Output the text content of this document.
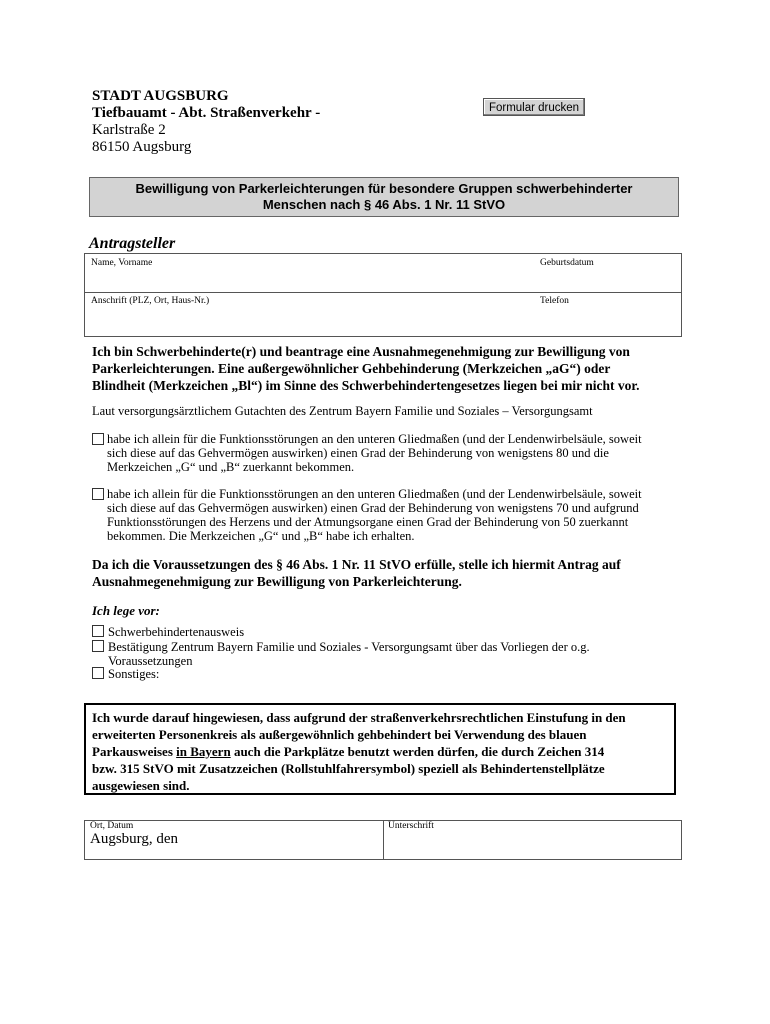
STADT AUGSBURG
Tiefbauamt - Abt. Straßenverkehr -
Karlstraße 2
86150 Augsburg
Formular drucken
Bewilligung von Parkerleichterungen für besondere Gruppen schwerbehinderter
Menschen nach § 46 Abs. 1 Nr. 11 StVO
Antragsteller
Name, Vorname	Geburtsdatum
Anschrift (PLZ, Ort, Haus-Nr.)	Telefon
Ich bin Schwerbehinderte(r) und beantrage eine Ausnahmegenehmigung zur Bewilligung von
Parkerleichterungen. Eine außergewöhnlicher Gehbehinderung (Merkzeichen „aG“) oder
Blindheit (Merkzeichen „Bl“) im Sinne des Schwerbehindertengesetzes liegen bei mir nicht vor.
Laut versorgungsärztlichem Gutachten des Zentrum Bayern Familie und Soziales – Versorgungsamt
habe ich allein für die Funktionsstörungen an den unteren Gliedmaßen (und der Lendenwirbelsäule, soweit
sich diese auf das Gehvermögen auswirken) einen Grad der Behinderung von wenigstens 80 und die
Merkzeichen „G“ und „B“ zuerkannt bekommen.
habe ich allein für die Funktionsstörungen an den unteren Gliedmaßen (und der Lendenwirbelsäule, soweit
sich diese auf das Gehvermögen auswirken) einen Grad der Behinderung von wenigstens 70 und aufgrund
Funktionsstörungen des Herzens und der Atmungsorgane einen Grad der Behinderung von 50 zuerkannt
bekommen. Die Merkzeichen „G“ und „B“ habe ich erhalten.
Da ich die Voraussetzungen des § 46 Abs. 1 Nr. 11 StVO erfülle, stelle ich hiermit Antrag auf
Ausnahmegenehmigung zur Bewilligung von Parkerleichterung.
Ich lege vor:
Schwerbehindertenausweis
Bestätigung Zentrum Bayern Familie und Soziales - Versorgungsamt über das Vorliegen der o.g.
Voraussetzungen
Sonstiges:
Ich wurde darauf hingewiesen, dass aufgrund der straßenverkehrsrechtlichen Einstufung in den
erweiterten Personenkreis als außergewöhnlich gehbehindert bei Verwendung des blauen
Parkausweises in Bayern auch die Parkplätze benutzt werden dürfen, die durch Zeichen 314
bzw. 315 StVO mit Zusatzzeichen (Rollstuhlfahrersymbol) speziell als Behindertenstellplätze
ausgewiesen sind.
Ort, Datum
Augsburg, den
Unterschrift
